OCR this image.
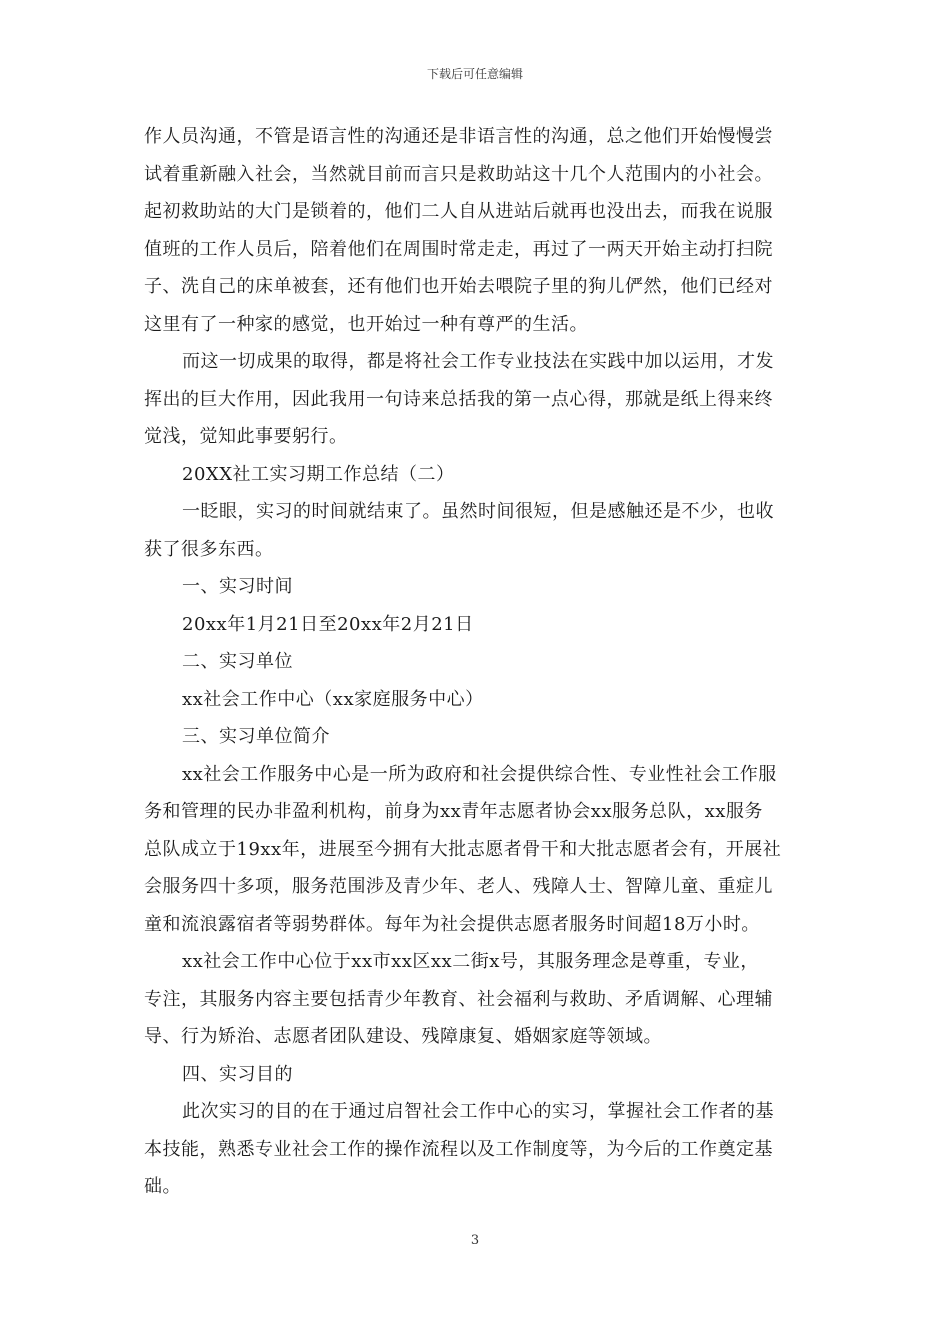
下载后可任意编辑

作人员沟通，不管是语言性的沟通还是非语言性的沟通，总之他们开始慢慢尝

试着重新融入社会，当然就目前而言只是救助站这十几个人范围内的小社会。

起初救助站的大门是锁着的，他们二人自从进站后就再也没出去，而我在说服

值班的工作人员后，陪着他们在周围时常走走，再过了一两天开始主动打扫院

子、洗自己的床单被套，还有他们也开始去喂院子里的狗儿俨然，他们已经对

这里有了一种家的感觉，也开始过一种有尊严的生活。

而这一切成果的取得，都是将社会工作专业技法在实践中加以运用，才发

挥出的巨大作用，因此我用一句诗来总括我的第一点心得，那就是纸上得来终

觉浅，觉知此事要躬行。

20XX社工实习期工作总结（二）

一眨眼，实习的时间就结束了。虽然时间很短，但是感触还是不少，也收

获了很多东西。

一、实习时间

20xx年1月21日至20xx年2月21日

二、实习单位

xx社会工作中心（xx家庭服务中心）

三、实习单位简介

xx社会工作服务中心是一所为政府和社会提供综合性、专业性社会工作服

务和管理的民办非盈利机构，前身为xx青年志愿者协会xx服务总队，xx服务

总队成立于19xx年，进展至今拥有大批志愿者骨干和大批志愿者会有，开展社

会服务四十多项，服务范围涉及青少年、老人、残障人士、智障儿童、重症儿

童和流浪露宿者等弱势群体。每年为社会提供志愿者服务时间超18万小时。

xx社会工作中心位于xx市xx区xx二街x号，其服务理念是尊重，专业，

专注，其服务内容主要包括青少年教育、社会福利与救助、矛盾调解、心理辅

导、行为矫治、志愿者团队建设、残障康复、婚姻家庭等领域。

四、实习目的

此次实习的目的在于通过启智社会工作中心的实习，掌握社会工作者的基

本技能，熟悉专业社会工作的操作流程以及工作制度等，为今后的工作奠定基

础。

3
